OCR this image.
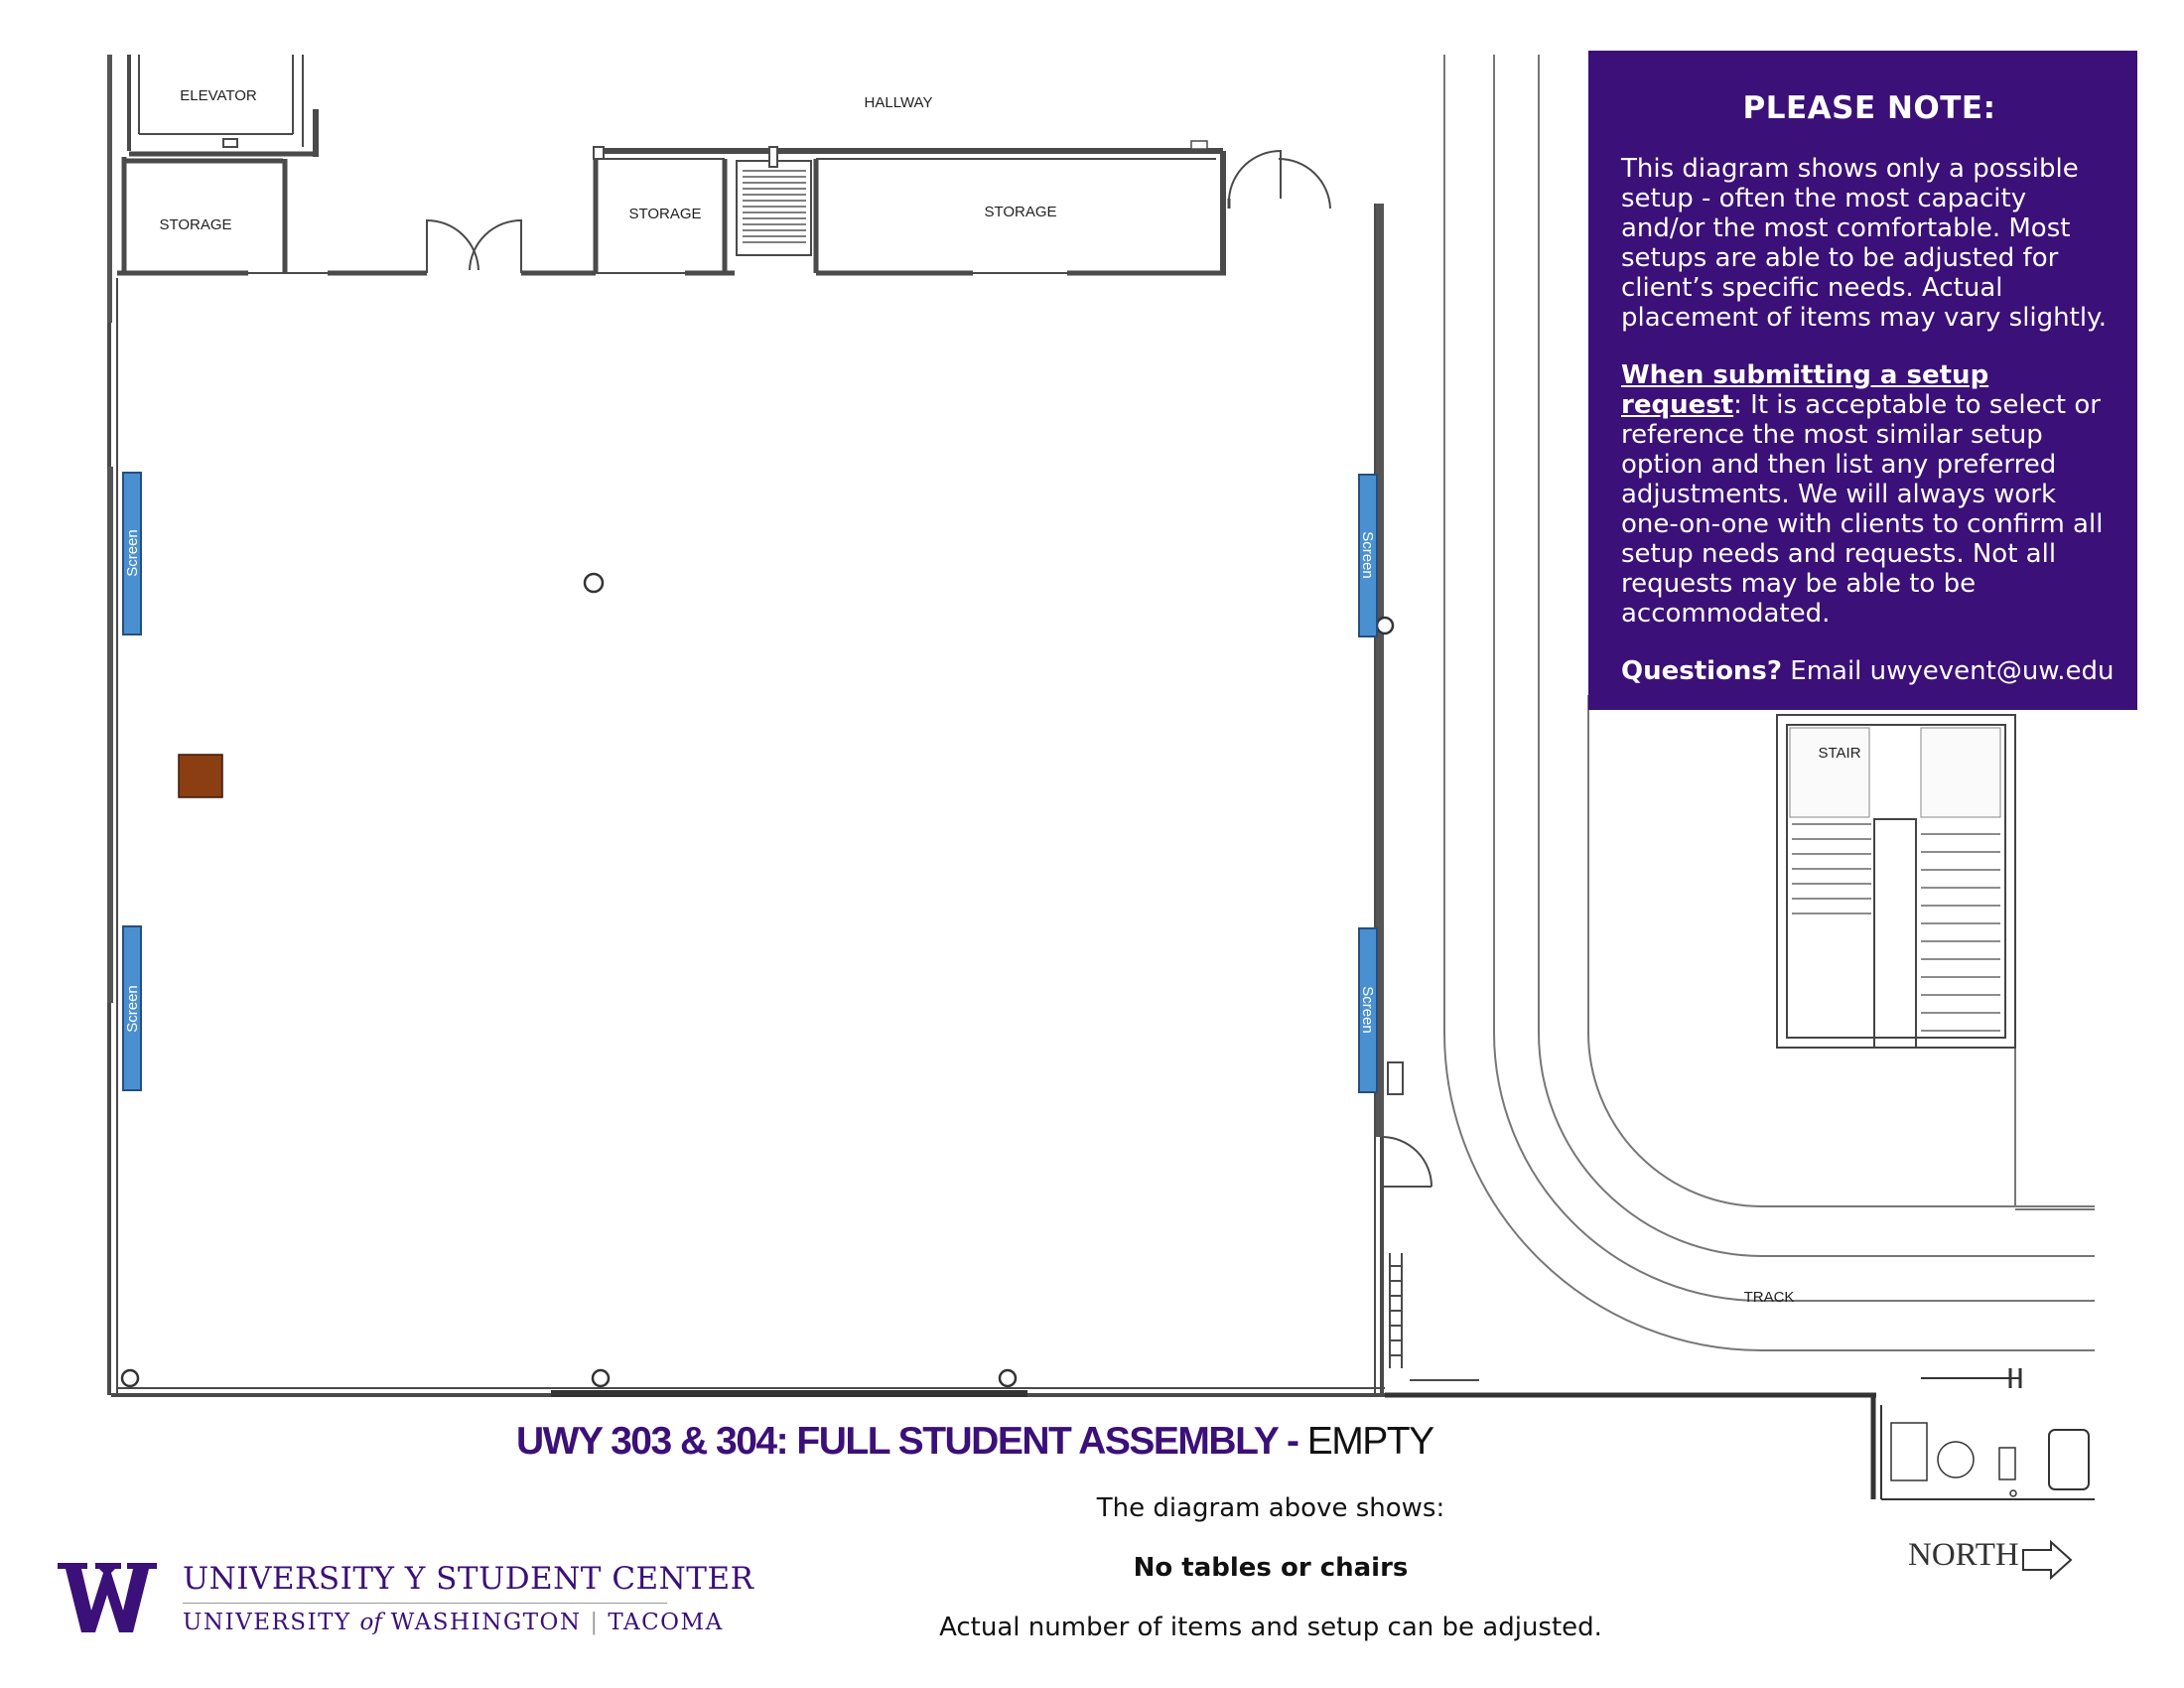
Screen
Screen
Screen
Screen
ELEVATOR	HALLWAY
STORAGE
STORAGE	STORAGE
STAIR
TRACK
PLEASE NOTE:

This diagram shows only a possible setup - often the most capacity and/or the most comfortable. Most setups are able to be adjusted for client’s specific needs. Actual placement of items may vary slightly.

When submitting a setup request: It is acceptable to select or reference the most similar setup option and then list any preferred adjustments. We will always work one-on-one with clients to confirm all setup needs and requests. Not all requests may be able to be accommodated.

Questions? Email uwyevent@uw.edu

UWY 303 & 304: FULL STUDENT ASSEMBLY - EMPTY
The diagram above shows:
No tables or chairs
Actual number of items and setup can be adjusted.
UNIVERSITY Y STUDENT CENTER
UNIVERSITY of WASHINGTON | TACOMA
NORTH
